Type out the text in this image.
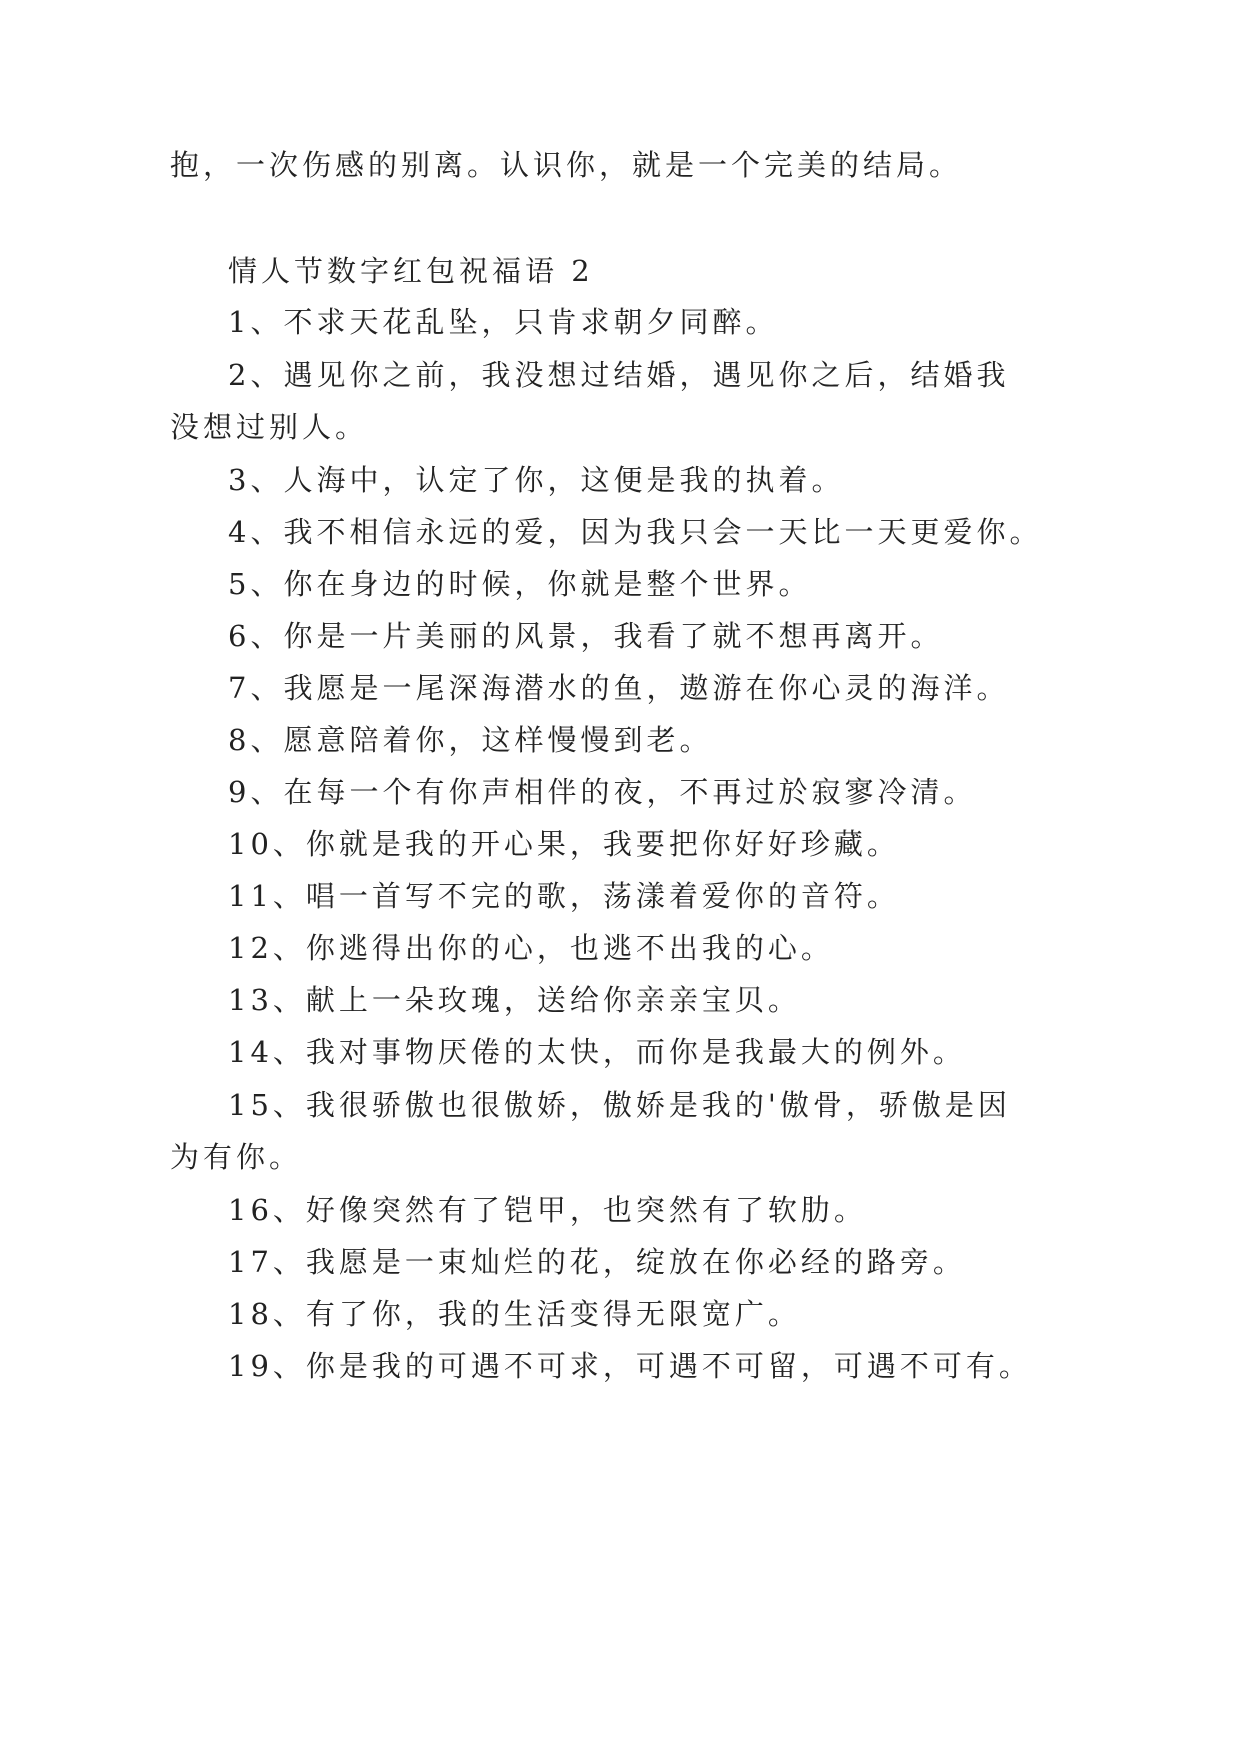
抱，一次伤感的别离。认识你，就是一个完美的结局。
情人节数字红包祝福语 2
1、不求天花乱坠，只肯求朝夕同醉。
2、遇见你之前，我没想过结婚，遇见你之后，结婚我
没想过别人。
3、人海中，认定了你，这便是我的执着。
4、我不相信永远的爱，因为我只会一天比一天更爱你。
5、你在身边的时候，你就是整个世界。
6、你是一片美丽的风景，我看了就不想再离开。
7、我愿是一尾深海潜水的鱼，遨游在你心灵的海洋。
8、愿意陪着你，这样慢慢到老。
9、在每一个有你声相伴的夜，不再过於寂寥冷清。
10、你就是我的开心果，我要把你好好珍藏。
11、唱一首写不完的歌，荡漾着爱你的音符。
12、你逃得出你的心，也逃不出我的心。
13、献上一朵玫瑰，送给你亲亲宝贝。
14、我对事物厌倦的太快，而你是我最大的例外。
15、我很骄傲也很傲娇，傲娇是我的'傲骨，骄傲是因
为有你。
16、好像突然有了铠甲，也突然有了软肋。
17、我愿是一束灿烂的花，绽放在你必经的路旁。
18、有了你，我的生活变得无限宽广。
19、你是我的可遇不可求，可遇不可留，可遇不可有。
